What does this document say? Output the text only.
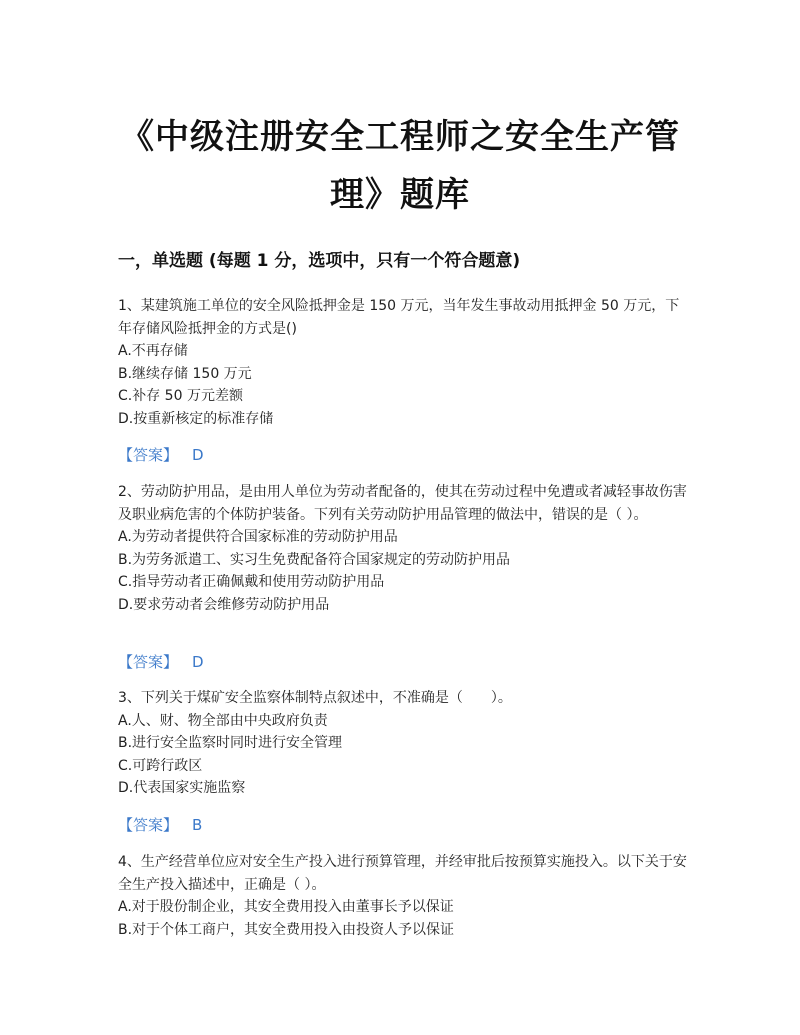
《中级注册安全工程师之安全生产管
理》题库
一，单选题 (每题 1 分，选项中，只有一个符合题意)
1、某建筑施工单位的安全风险抵押金是 150 万元，当年发生事故动用抵押金 50 万元，下年存储风险抵押金的方式是()
A.不再存储
B.继续存储 150 万元
C.补存 50 万元差额
D.按重新核定的标准存储
【答案】 D
2、劳动防护用品，是由用人单位为劳动者配备的，使其在劳动过程中免遭或者减轻事故伤害 及职业病危害的个体防护装备。下列有关劳动防护用品管理的做法中，错误的是（ ）。
A.为劳动者提供符合国家标准的劳动防护用品
B.为劳务派遣工、实习生免费配备符合国家规定的劳动防护用品
C.指导劳动者正确佩戴和使用劳动防护用品
D.要求劳动者会维修劳动防护用品
【答案】 D
3、下列关于煤矿安全监察体制特点叙述中，不准确是（　　）。
A.人、财、物全部由中央政府负责
B.进行安全监察时同时进行安全管理
C.可跨行政区
D.代表国家实施监察
【答案】 B
4、生产经营单位应对安全生产投入进行预算管理，并经审批后按预算实施投入。以下关于安全生产投入描述中，正确是（ ）。
A.对于股份制企业，其安全费用投入由董事长予以保证
B.对于个体工商户，其安全费用投入由投资人予以保证
